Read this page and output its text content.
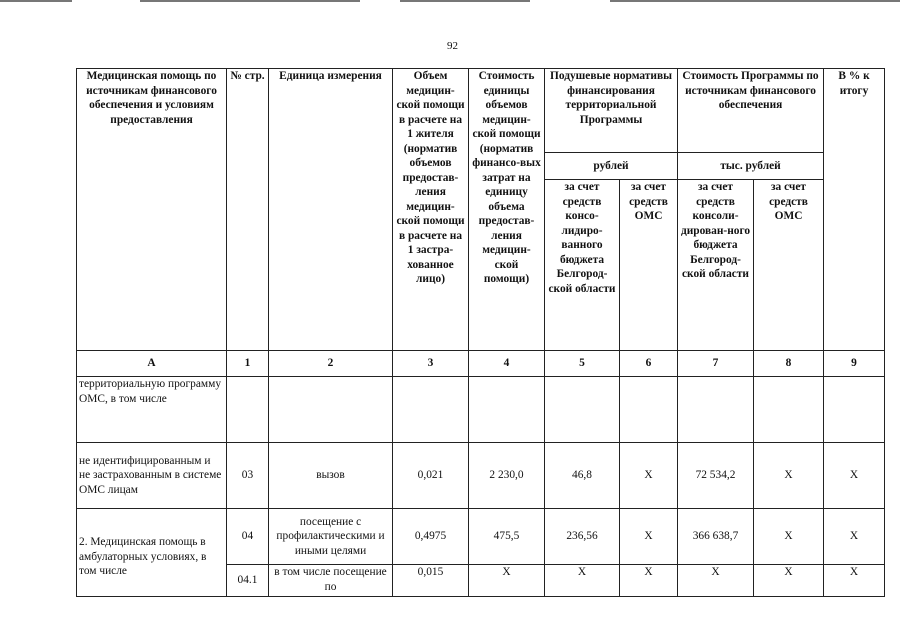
92
Медицинская помощь по источникам финансового обеспечения и условиям предоставления	№ стр.	Единица измерения	Объем медицин-ской помощи в расчете на 1 жителя (норматив объемов предостав-ления медицин-ской помощи в расчете на 1 застра-хованное лицо)	Стоимость единицы объемов медицин-ской помощи (норматив финансо-вых затрат на единицу объема предостав-ления медицин-ской помощи)	Подушевые нормативы финансирования территориальной Программы		Стоимость Программы по источникам финансового обеспечения		В % к итогу
					рублей		тыс. рублей		
					за счет средств консо-лидиро-ванного бюджета Белгород-ской области	за счет средств ОМС	за счет средств консоли-дирован-ного бюджета Белгород-ской области	за счет средств ОМС	
А	1	2	3	4	5	6	7	8	9
территориальную программу ОМС, в том числе									
не идентифицированным и не застрахованным в системе ОМС лицам	03	вызов	0,021	2 230,0	46,8	X	72 534,2	X	X
2. Медицинская помощь в амбулаторных условиях, в том числе	04	посещение с профилактическими и иными целями	0,4975	475,5	236,56	X	366 638,7	X	X
	04.1	в том числе посещение по	0,015	X	X	X	X	X	X
